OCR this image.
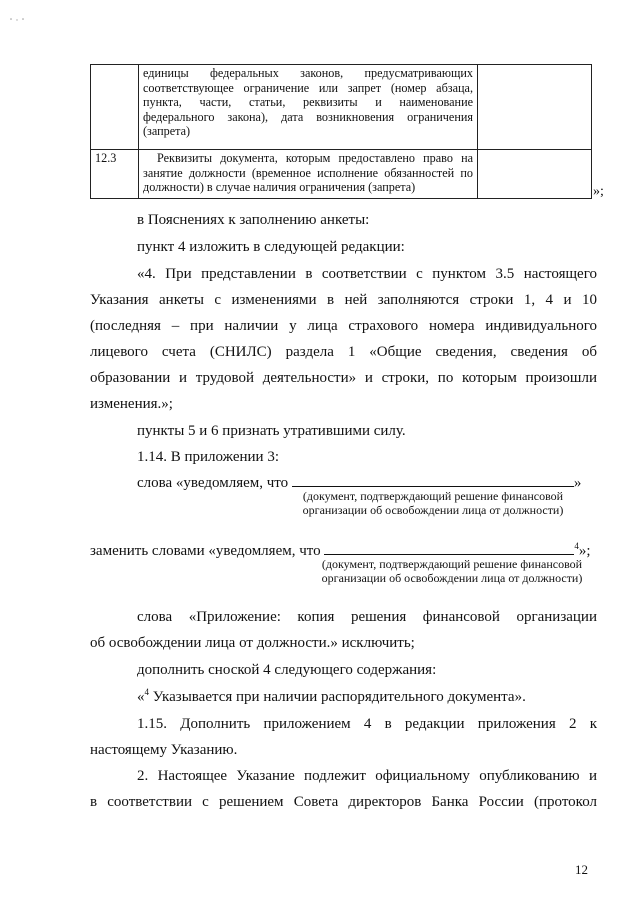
	единицы федеральных законов, предусматривающих соответствующее ограничение или запрет (номер абзаца, пункта, части, статьи, реквизиты и наименование федерального закона), дата возникновения ограничения (запрета)	

12.3	Реквизиты документа, которым предоставлено право на занятие должности (временное исполнение обязанностей по должности) в случае наличия ограничения (запрета)	
		»;
в Пояснениях к заполнению анкеты:
пункт 4 изложить в следующей редакции:
«4. При представлении в соответствии с пунктом 3.5 настоящего
Указания анкеты с изменениями в ней заполняются строки 1, 4 и 10 (последняя – при наличии у лица страхового номера индивидуального лицевого счета (СНИЛС) раздела 1 «Общие сведения, сведения об образовании и трудовой деятельности» и строки, по которым произошли изменения.»;
пункты 5 и 6 признать утратившими силу.
1.14. В приложении 3:
слова «уведомляем, что	»
(документ, подтверждающий решение финансовой организации об освобождении лица от должности)
заменить словами «уведомляем, что	$^4$»;
(документ, подтверждающий решение финансовой организации об освобождении лица от должности)
слова «Приложение: копия решения финансовой организации
об освобождении лица от должности.» исключить;
дополнить сноской 4 следующего содержания:
«$^4$ Указывается при наличии распорядительного документа».
1.15. Дополнить приложением 4 в редакции приложения 2 к
настоящему Указанию.
2. Настоящее Указание подлежит официальному опубликованию и
в соответствии с решением Совета директоров Банка России (протокол
12
